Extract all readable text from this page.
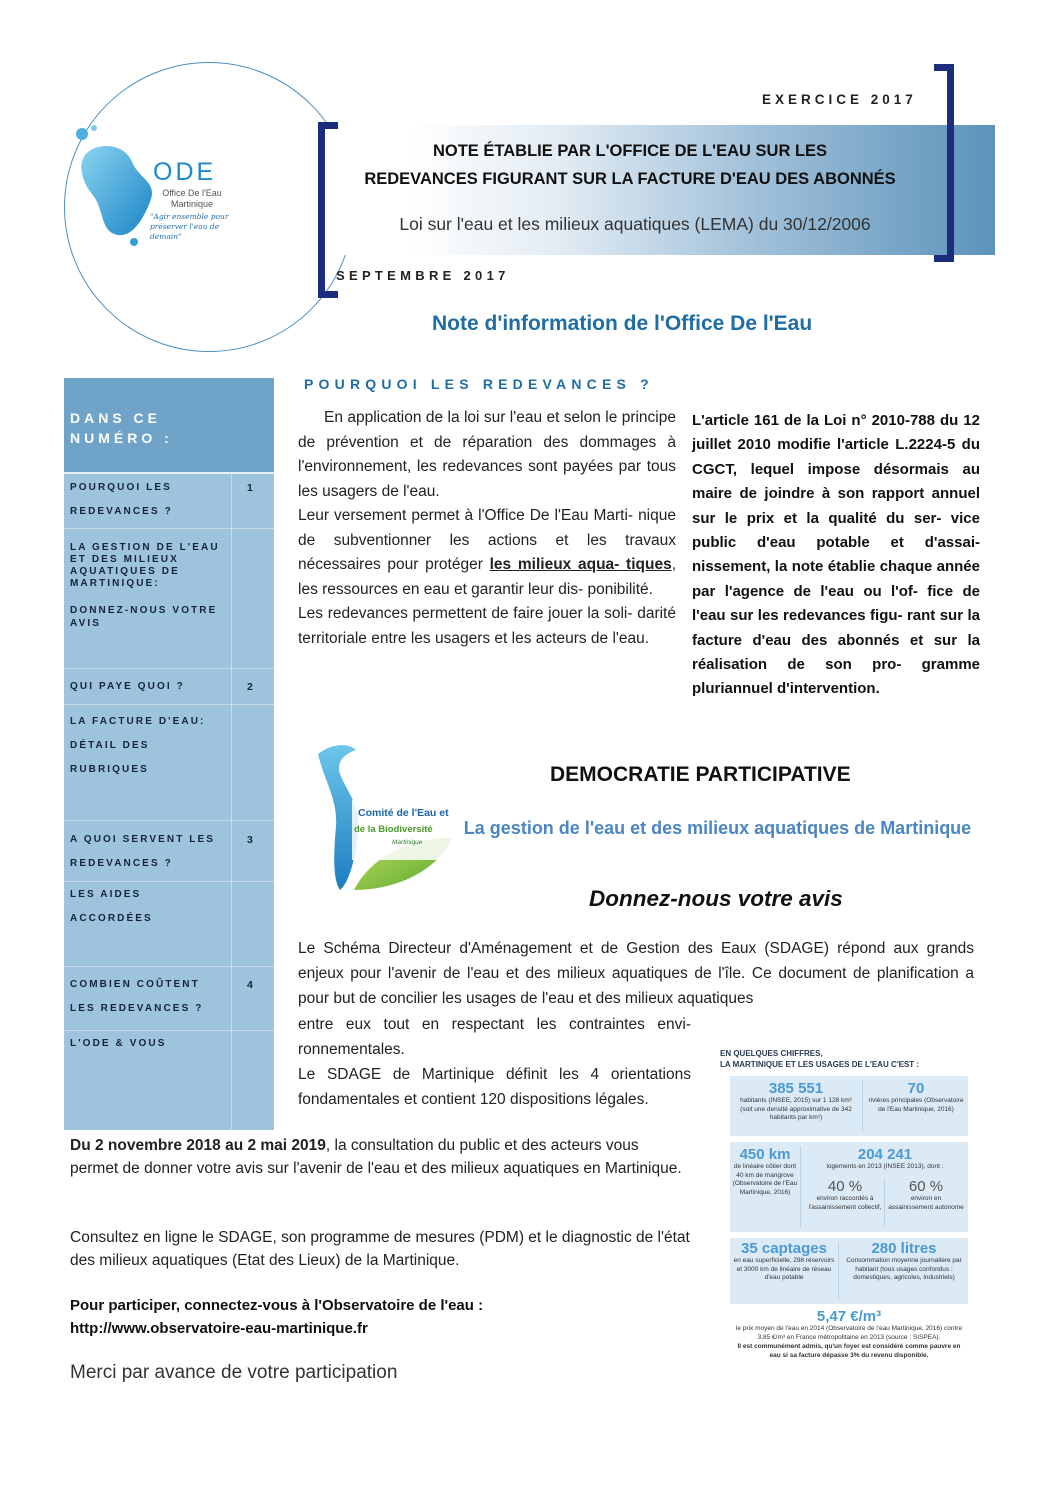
ODE
Office De l'Eau Martinique
"Agir ensemble pour préserver l'eau de demain"
EXERCICE 2017
NOTE ÉTABLIE PAR L'OFFICE DE L'EAU SUR LES
REDEVANCES FIGURANT SUR LA FACTURE D'EAU DES ABONNÉS
Loi sur l'eau et les milieux aquatiques (LEMA) du 30/12/2006
SEPTEMBRE 2017
Note d'information de l'Office De l'Eau
DANS CE NUMÉRO :
POURQUOI LES	1
REDEVANCES ?
LA GESTION DE L'EAU ET DES MILIEUX AQUATIQUES DE MARTINIQUE:
DONNEZ-NOUS VOTRE AVIS
QUI PAYE QUOI ?	2
LA FACTURE D'EAU:
DÉTAIL DES
RUBRIQUES
A QUOI SERVENT LES	3
REDEVANCES ?
LES AIDES
ACCORDÉES
COMBIEN COÛTENT	4
LES REDEVANCES ?
L'ODE & VOUS
POURQUOI LES REDEVANCES ?

En application de la loi sur l'eau et selon le principe de prévention et de réparation des dommages à l'environnement, les redevances sont payées par tous les usagers de l'eau.

Leur versement permet à l'Office De l'Eau Marti- nique de subventionner les actions et les travaux nécessaires pour protéger les milieux aqua- tiques, les ressources en eau et garantir leur dis- ponibilité.

Les redevances permettent de faire jouer la soli- darité territoriale entre les usagers et les acteurs de l'eau.

L'article 161 de la Loi n° 2010-788 du 12 juillet 2010 modifie l'article L.2224-5 du CGCT, lequel impose désormais au maire de joindre à son rapport annuel sur le prix et la qualité du ser- vice public d'eau potable et d'assai- nissement, la note établie chaque année par l'agence de l'eau ou l'of- fice de l'eau sur les redevances figu- rant sur la facture d'eau des abonnés et sur la réalisation de son pro- gramme pluriannuel d'intervention.
Comité de l'Eau et
de la Biodiversité
Martinique
DEMOCRATIE PARTICIPATIVE
La gestion de l'eau et des milieux aquatiques de Martinique
Donnez-nous votre avis
Le Schéma Directeur d'Aménagement et de Gestion des Eaux (SDAGE) répond aux grands enjeux pour l'avenir de l'eau et des milieux aquatiques de l'île. Ce document de planification a pour but de concilier les usages de l'eau et des milieux aquatiques
entre eux tout en respectant les contraintes envi- ronnementales.
Le SDAGE de Martinique définit les 4 orientations fondamentales et contient 120 dispositions légales.
Du 2 novembre 2018 au 2 mai 2019, la consultation du public et des acteurs vous permet de donner votre avis sur l'avenir de l'eau et des milieux aquatiques en Martinique.
Consultez en ligne le SDAGE, son programme de mesures (PDM) et le diagnostic de l'état des milieux aquatiques (Etat des Lieux) de la Martinique.
Pour participer, connectez-vous à l'Observatoire de l'eau :
http://www.observatoire-eau-martinique.fr
Merci par avance de votre participation
EN QUELQUES CHIFFRES,
LA MARTINIQUE ET LES USAGES DE L'EAU C'EST :
385 551
habitants (INSEE, 2015) sur 1 128 km² (soit une densité approximative de 342 habitants par km²)
70
rivières principales (Observatoire de l'Eau Martinique, 2016)
450 km
de linéaire côtier dont 40 km de mangrove (Observatoire de l'Eau Martinique, 2016)
204 241
logements en 2013 (INSEE 2013), dont :
40 %
environ raccordés à l'assainissement collectif,
60 %
environ en assainissement autonome
35 captages
en eau superficielle, 298 réservoirs et 3000 km de linéaire de réseau d'eau potable
280 litres
Consommation moyenne journalière par habitant (tous usages confondus : domestiques, agricoles, industriels)
5,47 €/m³
le prix moyen de l'eau en 2014 (Observatoire de l'eau Martinique, 2016) contre 3,85 €/m³ en France métropolitaine en 2013 (source : SISPEA).
Il est communément admis, qu'un foyer est considéré comme pauvre en eau si sa facture dépasse 3% du revenu disponible.
